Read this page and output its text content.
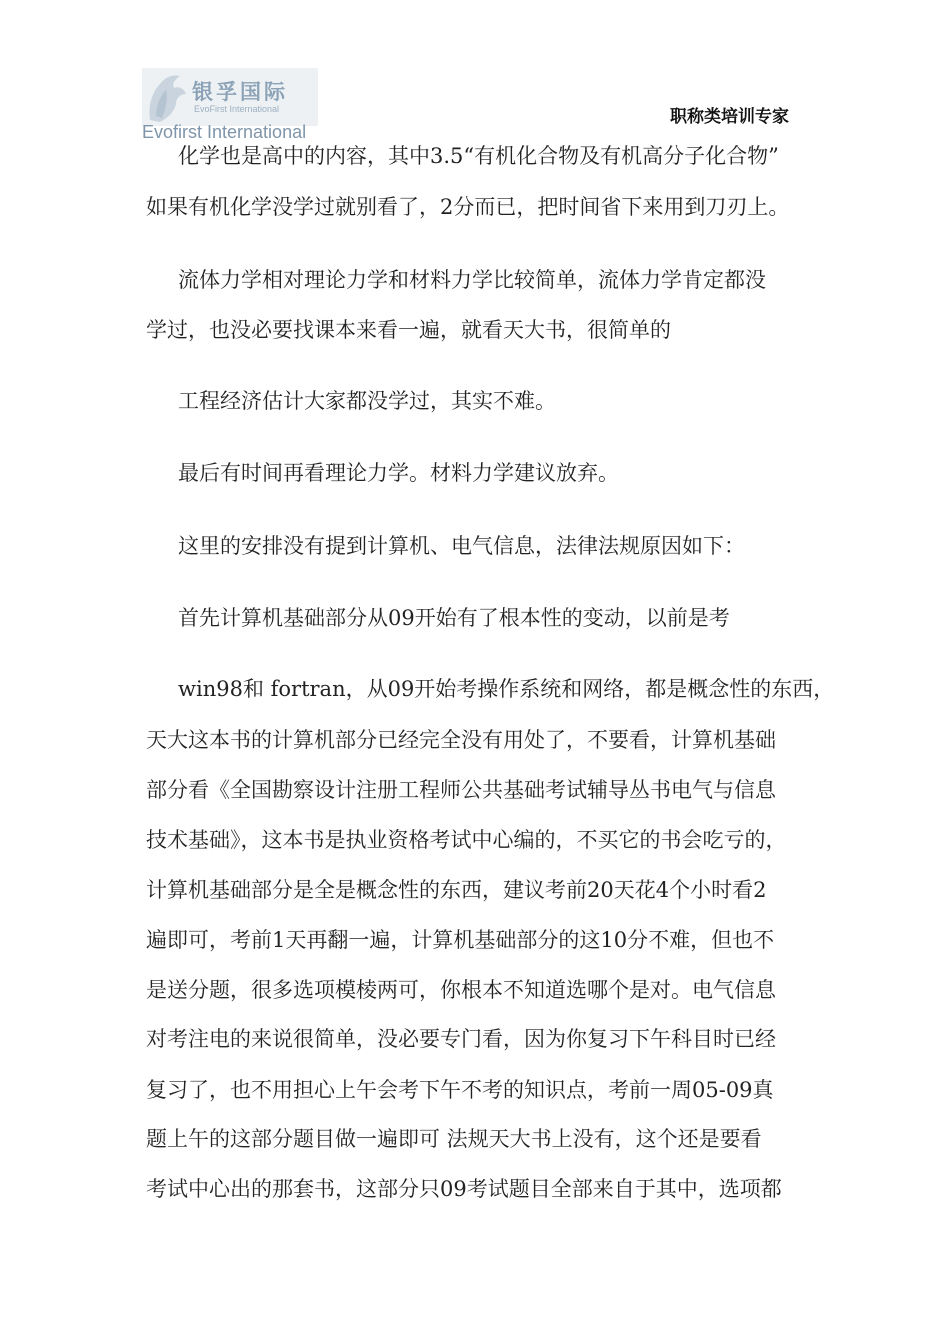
银孚国际
EvoFirst International
Evofirst International
职称类培训专家
化学也是高中的内容，其中3.5“有机化合物及有机高分子化合物”
如果有机化学没学过就别看了，2分而已，把时间省下来用到刀刃上。
流体力学相对理论力学和材料力学比较简单，流体力学肯定都没
学过，也没必要找课本来看一遍，就看天大书，很简单的
工程经济估计大家都没学过，其实不难。
最后有时间再看理论力学。材料力学建议放弃。
这里的安排没有提到计算机、电气信息，法律法规原因如下：
首先计算机基础部分从09开始有了根本性的变动，以前是考
win98和 fortran，从09开始考操作系统和网络，都是概念性的东西，
天大这本书的计算机部分已经完全没有用处了，不要看，计算机基础
部分看《全国勘察设计注册工程师公共基础考试辅导丛书电气与信息
技术基础》，这本书是执业资格考试中心编的，不买它的书会吃亏的，
计算机基础部分是全是概念性的东西，建议考前20天花4个小时看2
遍即可，考前1天再翻一遍，计算机基础部分的这10分不难，但也不
是送分题，很多选项模棱两可，你根本不知道选哪个是对。电气信息
对考注电的来说很简单，没必要专门看，因为你复习下午科目时已经
复习了，也不用担心上午会考下午不考的知识点，考前一周05-09真
题上午的这部分题目做一遍即可 法规天大书上没有，这个还是要看
考试中心出的那套书，这部分只09考试题目全部来自于其中，选项都
